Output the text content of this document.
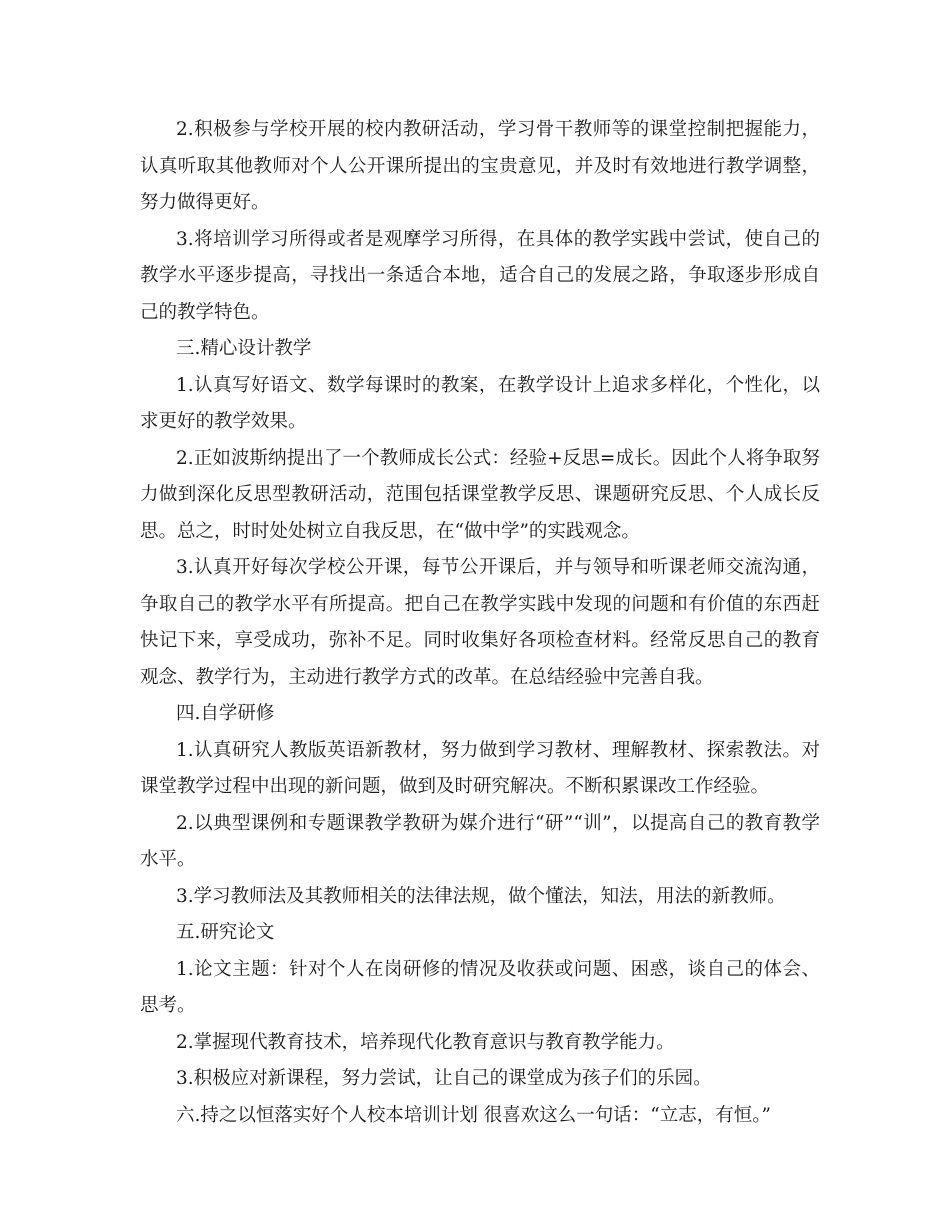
2.积极参与学校开展的校内教研活动，学习骨干教师等的课堂控制把握能力，认真听取其他教师对个人公开课所提出的宝贵意见，并及时有效地进行教学调整，努力做得更好。

3.将培训学习所得或者是观摩学习所得，在具体的教学实践中尝试，使自己的教学水平逐步提高，寻找出一条适合本地，适合自己的发展之路，争取逐步形成自己的教学特色。

三.精心设计教学

1.认真写好语文、数学每课时的教案，在教学设计上追求多样化，个性化，以求更好的教学效果。

2.正如波斯纳提出了一个教师成长公式：经验+反思=成长。因此个人将争取努力做到深化反思型教研活动，范围包括课堂教学反思、课题研究反思、个人成长反思。总之，时时处处树立自我反思，在“做中学”的实践观念。

3.认真开好每次学校公开课，每节公开课后，并与领导和听课老师交流沟通，争取自己的教学水平有所提高。把自己在教学实践中发现的问题和有价值的东西赶快记下来，享受成功，弥补不足。同时收集好各项检查材料。经常反思自己的教育观念、教学行为，主动进行教学方式的改革。在总结经验中完善自我。

四.自学研修

1.认真研究人教版英语新教材，努力做到学习教材、理解教材、探索教法。对课堂教学过程中出现的新问题，做到及时研究解决。不断积累课改工作经验。

2.以典型课例和专题课教学教研为媒介进行“研”“训”，以提高自己的教育教学水平。

3.学习教师法及其教师相关的法律法规，做个懂法，知法，用法的新教师。

五.研究论文

1.论文主题：针对个人在岗研修的情况及收获或问题、困惑，谈自己的体会、思考。

2.掌握现代教育技术，培养现代化教育意识与教育教学能力。

3.积极应对新课程，努力尝试，让自己的课堂成为孩子们的乐园。

六.持之以恒落实好个人校本培训计划 很喜欢这么一句话：“立志，有恒。”
